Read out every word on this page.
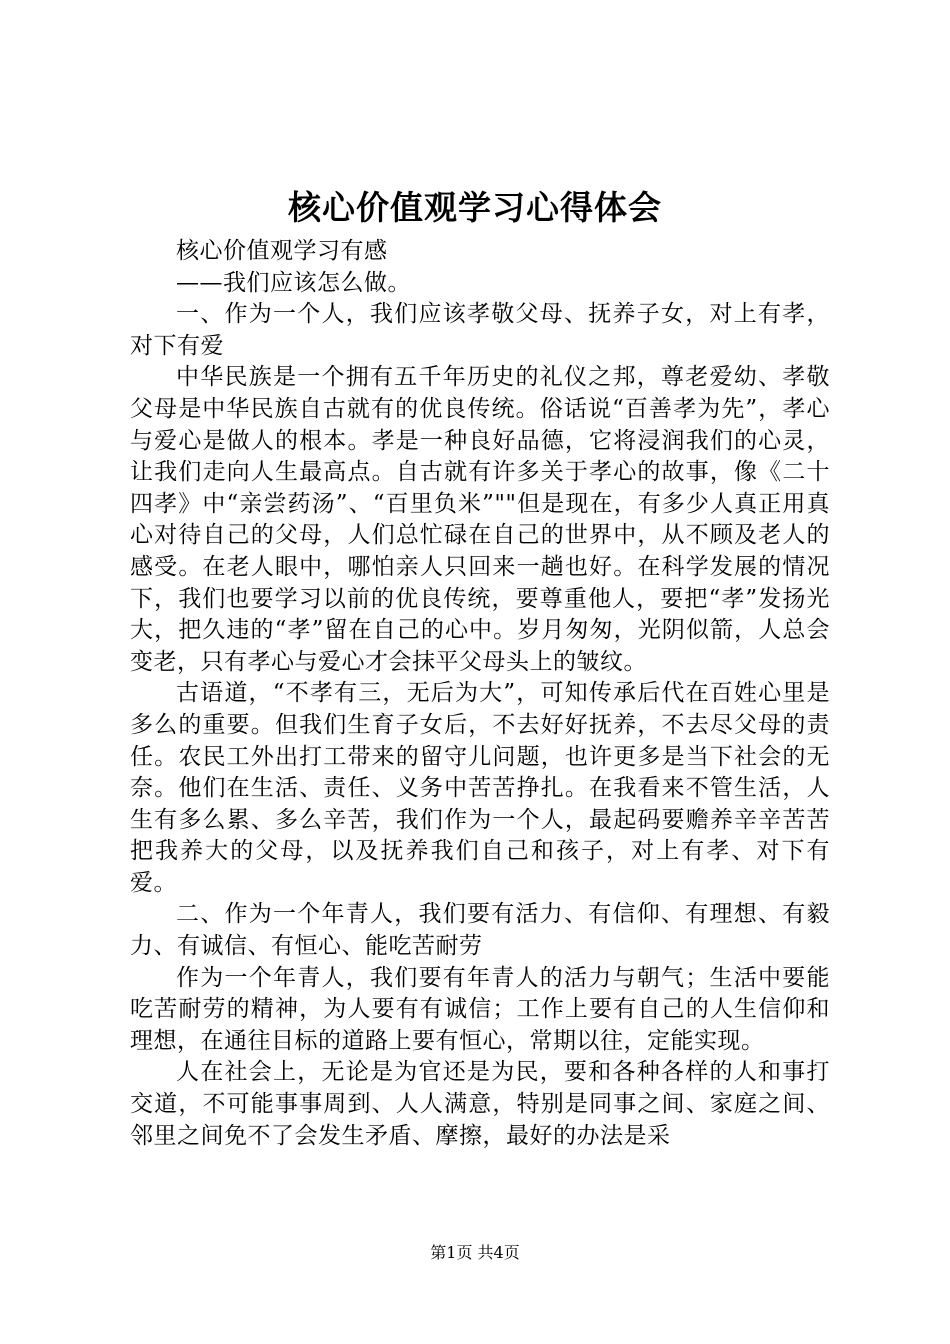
核心价值观学习心得体会

核心价值观学习有感

——我们应该怎么做。

一、作为一个人，我们应该孝敬父母、抚养子女，对上有孝，对下有爱

中华民族是一个拥有五千年历史的礼仪之邦，尊老爱幼、孝敬父母是中华民族自古就有的优良传统。俗话说“百善孝为先”，孝心与爱心是做人的根本。孝是一种良好品德，它将浸润我们的心灵，让我们走向人生最高点。自古就有许多关于孝心的故事，像《二十四孝》中“亲尝药汤”、“百里负米”""但是现在，有多少人真正用真心对待自己的父母，人们总忙碌在自己的世界中，从不顾及老人的感受。在老人眼中，哪怕亲人只回来一趟也好。在科学发展的情况下，我们也要学习以前的优良传统，要尊重他人，要把“孝”发扬光大，把久违的“孝”留在自己的心中。岁月匆匆，光阴似箭，人总会变老，只有孝心与爱心才会抹平父母头上的皱纹。

古语道，“不孝有三，无后为大”，可知传承后代在百姓心里是多么的重要。但我们生育子女后，不去好好抚养，不去尽父母的责任。农民工外出打工带来的留守儿问题，也许更多是当下社会的无奈。他们在生活、责任、义务中苦苦挣扎。在我看来不管生活，人生有多么累、多么辛苦，我们作为一个人，最起码要赡养辛辛苦苦把我养大的父母，以及抚养我们自己和孩子，对上有孝、对下有爱。

二、作为一个年青人，我们要有活力、有信仰、有理想、有毅力、有诚信、有恒心、能吃苦耐劳

作为一个年青人，我们要有年青人的活力与朝气；生活中要能吃苦耐劳的精神，为人要有有诚信；工作上要有自己的人生信仰和理想，在通往目标的道路上要有恒心，常期以往，定能实现。

人在社会上，无论是为官还是为民，要和各种各样的人和事打交道，不可能事事周到、人人满意，特别是同事之间、家庭之间、邻里之间免不了会发生矛盾、摩擦，最好的办法是采

第1页 共4页
